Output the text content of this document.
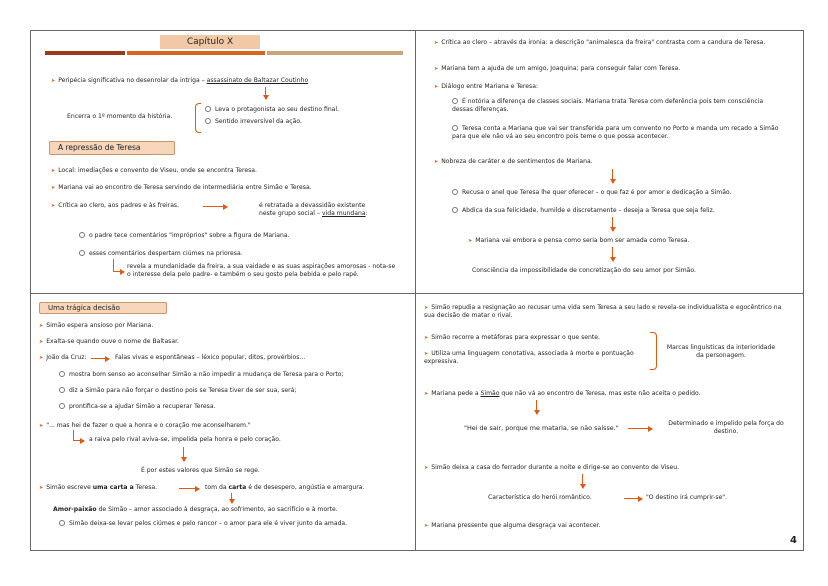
Capítulo X
➤ Peripécia significativa no desenrolar da intriga – assassinato de Baltazar Coutinho
Encerra o 1º momento da história.
Leva o protagonista ao seu destino final.
Sentido irreversível da ação.
A repressão de Teresa
➤ Local: imediações e convento de Viseu, onde se encontra Teresa.
➤ Mariana vai ao encontro de Teresa servindo de intermediária entre Simão e Teresa.
➤ Crítica ao clero, aos padres e às freiras.	é retratada a devassidão existente
neste grupo social – vida mundana:
o padre tece comentários "impróprios" sobre a figura de Mariana.
esses comentários despertam ciúmes na prioresa.
revela a mundanidade da freira, a sua vaidade e as suas aspirações amorosas - nota-se o interesse dela pelo padre- e também o seu gosto pela bebida e pelo rapé.
➤ Crítica ao clero – através da ironia: a descrição "animalesca da freira" contrasta com a candura de Teresa.
➤ Mariana tem a ajuda de um amigo, Joaquina; para conseguir falar com Teresa.
➤ Diálogo entre Mariana e Teresa:
É notória a diferença de classes sociais. Mariana trata Teresa com deferência pois tem consciência dessas diferenças.
Teresa conta a Mariana que vai ser transferida para um convento no Porto e manda um recado a Simão para que ele não vá ao seu encontro pois teme o que possa acontecer.
➤ Nobreza de caráter e de sentimentos de Mariana.
Recusa o anel que Teresa lhe quer oferecer – o que faz é por amor e dedicação a Simão.
Abdica da sua felicidade, humilde e discretamente – deseja a Teresa que seja feliz.
➤ Mariana vai embora e pensa como seria bom ser amada como Teresa.
Consciência da impossibilidade de concretização do seu amor por Simão.
Uma trágica decisão
➤ Simão espera ansioso por Mariana.
➤ Exalta-se quando ouve o nome de Baltasar.
➤ João da Cruz:	Falas vivas e espontâneas – léxico popular, ditos, provérbios...
mostra bom senso ao aconselhar Simão a não impedir a mudança de Teresa para o Porto;
diz a Simão para não forçar o destino pois se Teresa tiver de ser sua, será;
prontifica-se a ajudar Simão a recuperar Teresa.
➤ "... mas hei de fazer o que a honra e o coração me aconselharem."
a raiva pelo rival aviva-se, impelida pela honra e pelo coração.
É por estes valores que Simão se rege.
➤ Simão escreve uma carta a Teresa.	tom da carta é de desespero, angústia e amargura.
Amor-paixão de Simão – amor associado à desgraça, ao sofrimento, ao sacrifício e à morte.
Simão deixa-se levar pelos ciúmes e pelo rancor – o amor para ele é viver junto da amada.
➤ Simão repudia a resignação ao recusar uma vida sem Teresa a seu lado e revela-se individualista e egocêntrico na sua decisão de matar o rival.
➤ Simão recorre a metáforas para expressar o que sente.
➤ Utiliza uma linguagem conotativa, associada à morte e pontuação expressiva.
Marcas linguísticas da interioridade da personagem.
➤ Mariana pede a Simão que não vá ao encontro de Teresa, mas este não aceita o pedido.
"Hei de sair, porque me mataria, se não saísse."
Determinado e impelido pela força do destino.
➤ Simão deixa a casa do ferrador durante a noite e dirige-se ao convento de Viseu.
Característica do herói romântico.	"O destino irá cumprir-se".
➤ Mariana pressente que alguma desgraça vai acontecer.
4
